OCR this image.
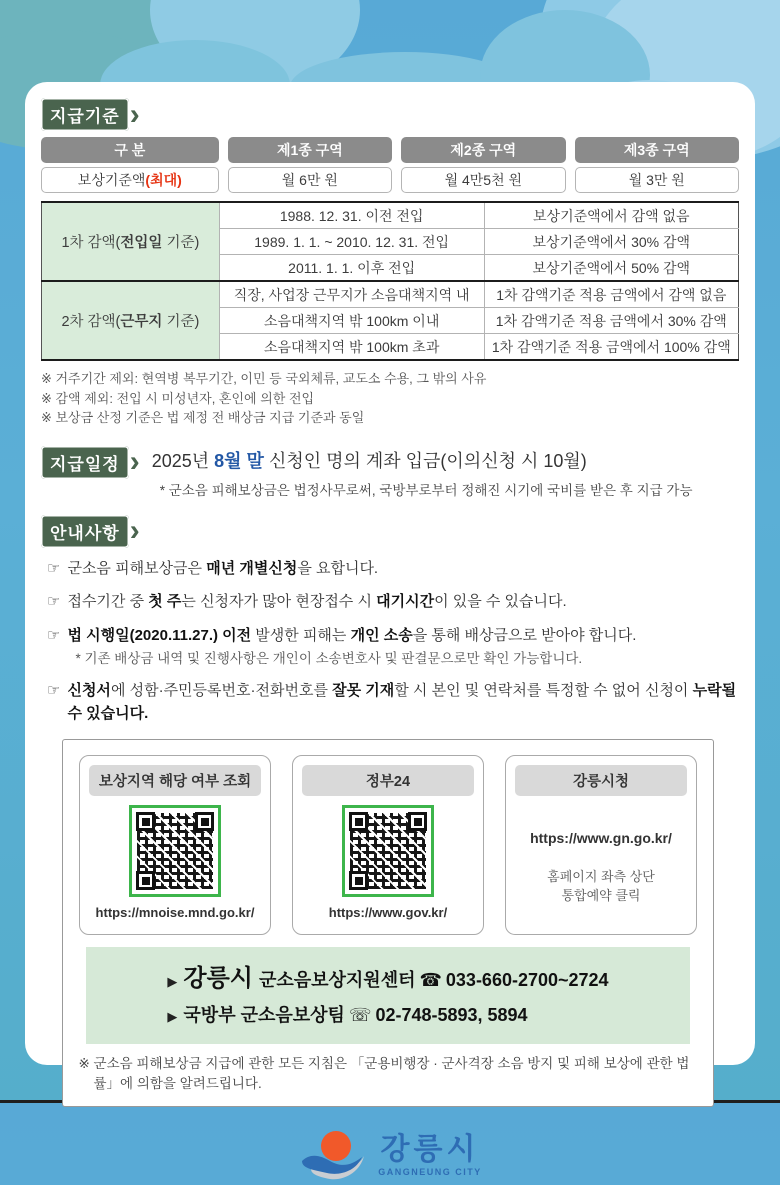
지급기준 ›
구 분	제1종 구역	제2종 구역	제3종 구역
보상기준액(최대)	월 6만 원	월 4만5천 원	월 3만 원
1차 감액(전입일 기준)	1988. 12. 31. 이전 전입	보상기준액에서 감액 없음
	1989. 1. 1. ~ 2010. 12. 31. 전입	보상기준액에서 30% 감액
	2011. 1. 1. 이후 전입	보상기준액에서 50% 감액
2차 감액(근무지 기준)	직장, 사업장 근무지가 소음대책지역 내	1차 감액기준 적용 금액에서 감액 없음
	소음대책지역 밖 100km 이내	1차 감액기준 적용 금액에서 30% 감액
	소음대책지역 밖 100km 초과	1차 감액기준 적용 금액에서 100% 감액
※ 거주기간 제외: 현역병 복무기간, 이민 등 국외체류, 교도소 수용, 그 밖의 사유
※ 감액 제외: 전입 시 미성년자, 혼인에 의한 전입
※ 보상금 산정 기준은 법 제정 전 배상금 지급 기준과 동일
지급일정 › 2025년 8월 말 신청인 명의 계좌 입금(이의신청 시 10월)
* 군소음 피해보상금은 법정사무로써, 국방부로부터 정해진 시기에 국비를 받은 후 지급 가능
안내사항 ›
☞ 군소음 피해보상금은 매년 개별신청을 요합니다.
☞ 접수기간 중 첫 주는 신청자가 많아 현장접수 시 대기시간이 있을 수 있습니다.
☞ 법 시행일(2020.11.27.) 이전 발생한 피해는 개인 소송을 통해 배상금으로 받아야 합니다.
* 기존 배상금 내역 및 진행사항은 개인이 소송변호사 및 판결문으로만 확인 가능합니다.
☞ 신청서에 성함·주민등록번호·전화번호를 잘못 기재할 시 본인 및 연락처를 특정할 수 없어 신청이 누락될 수 있습니다.
보상지역 해당 여부 조회
https://mnoise.mnd.go.kr/
정부24
https://www.gov.kr/
강릉시청
https://www.gn.go.kr/
홈페이지 좌측 상단
통합예약 클릭
▶ 강릉시 군소음보상지원센터 ☎ 033-660-2700~2724
▶ 국방부 군소음보상팀 ☏ 02-748-5893, 5894
※ 군소음 피해보상금 지급에 관한 모든 지침은 「군용비행장 · 군사격장 소음 방지 및 피해 보상에 관한 법률」에 의함을 알려드립니다.
강릉시
GANGNEUNG CITY
